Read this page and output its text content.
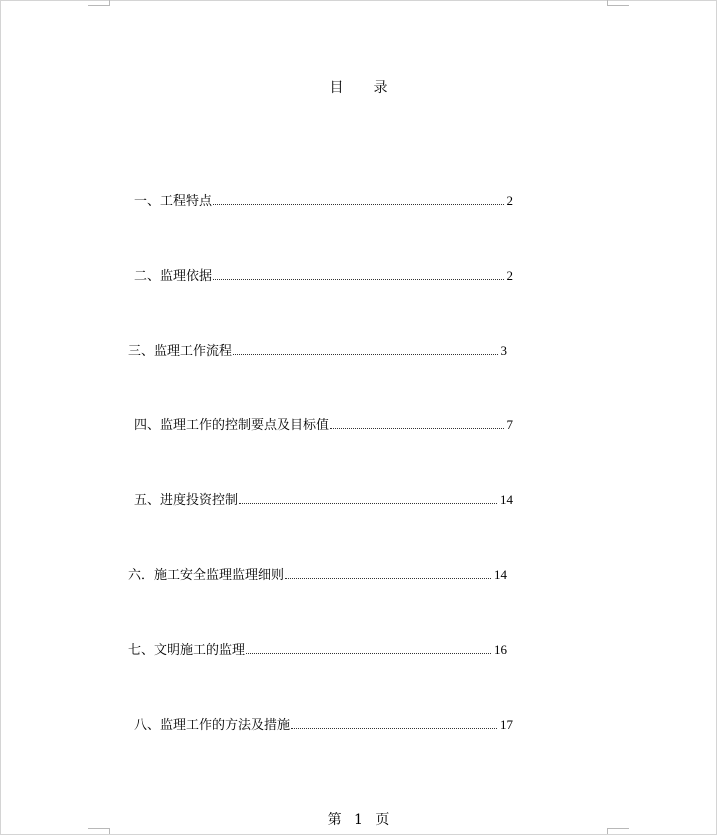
目 录
一、工程特点	2
二、监理依据	2
三、监理工作流程	3
四、监理工作的控制要点及目标值	7
五、进度投资控制	14
六．施工安全监理监理细则	14
七、文明施工的监理	16
八、监理工作的方法及措施	17
第 1 页
